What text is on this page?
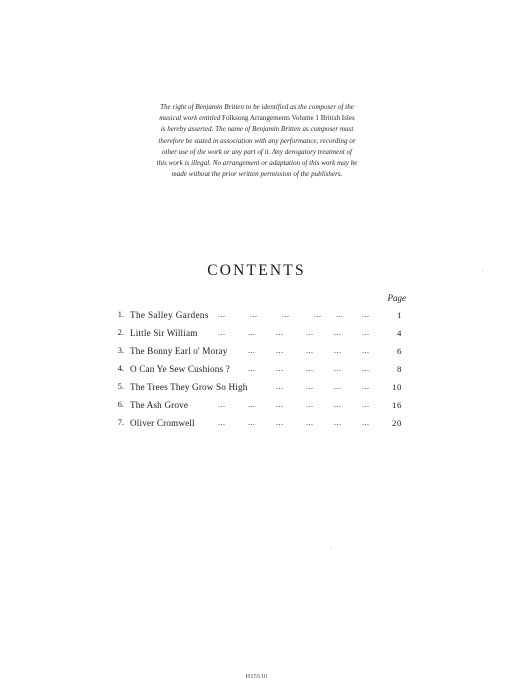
The right of Benjamin Britten to be identified as the composer of the
musical work entitled Folksong Arrangements Volume 1 British Isles
is hereby asserted. The name of Benjamin Britten as composer must
therefore be stated in association with any performance, recording or
other use of the work or any part of it. Any derogatory treatment of
this work is illegal. No arrangement or adaptation of this work may be
made without the prior written permission of the publishers.
CONTENTS
Page
1. The Salley Gardens ...	...	...	... ... ...	1
2. Little Sir William	...	...	...	...	...	...	4
3. The Bonny Earl o' Moray	...	...	...	...	...	6
4. O Can Ye Sew Cushions ? ...	...	...	...	...	8
5. The Trees They Grow So High	...	...	...	...	10
6. The Ash Grove	...	...	...	...	...	...	16
7. Oliver Cromwell	...	...	...	...	...	...	20
H15510
